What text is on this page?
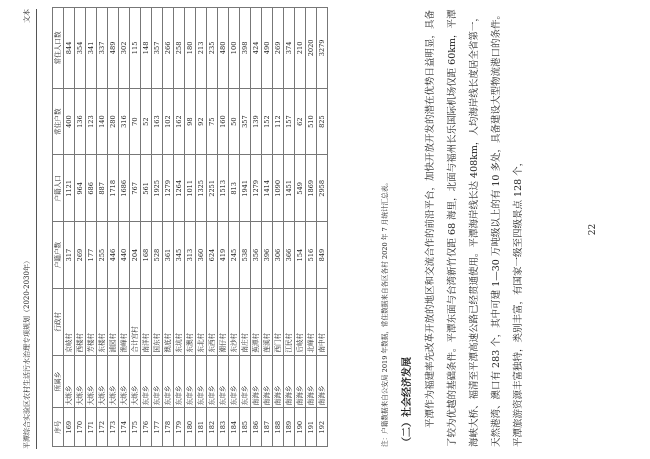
平潭综合实验区农村生活污水治理专项规划（2020-2030年）
文本
序号	所属乡	行政村	户籍户数	户籍人口	常住户数	常住人口数
169	大练乡	京岐村	317	1121	400	844
170	大练乡	西楼村	269	964	136	354
171	大练乡	芳楼村	177	686	123	341
172	大练乡	东楼村	255	887	140	337
173	大练乡	浦园村	446	1718	280	489
174	大练乡	渔峰村	440	1686	316	302
175	大练乡	合计宫村	204	767	70	115
176	东庠乡	南洋村	168	561	52	148
177	东庠乡	国东村	528	1925	163	357
178	东庠乡	澳底村	361	1279	102	266
179	东庠乡	东坑村	345	1264	162	258
180	东庠乡	东澳村	313	1011	98	180
181	东庠乡	东北村	360	1325	92	213
182	东庠乡	东西村	624	2251	75	235
183	东庠乡	潮仔村	419	1513	160	480
184	东庠乡	东沙村	245	813	50	100
185	东庠乡	南庄村	538	1941	357	398
186	南海乡	蕉潭村	356	1279	139	424
187	南海乡	莲溪村	396	1414	152	490
188	南海乡	西门村	306	1090	112	269
189	南海乡	江民村	366	1451	157	374
190	南海乡	后岐村	154	549	62	210
191	南海乡	北峰村	516	1869	510	2020
192	南海乡	南中村	849	2958	825	3279
注：户籍数据来自公安局 2019 年数据，常住数据来自各区各村 2020 年 7 月统计汇总表。	（二）社会经济发展	平潭作为福建率先改革开放的地区和交流合作的前沿平台，加快开放开发的潜在优势日益明显，具备了较为优越的基础条件。平潭东面与台湾新竹仅距 68 海里，北面与福州长乐国际机场仅距 60km，平潭海峡大桥、福清至平潭高速公路已经贯通使用。平潭海岸线长达 408km，人均海岸线长度居全省第一，天然港湾、澳口有 283 个，其中可建 1—30 万吨级以上的有 10 多处，具备建设大型物流港口的条件。平潭旅游资源丰富独特，类别丰富，有国家一级至四级景点 128 个，	22
